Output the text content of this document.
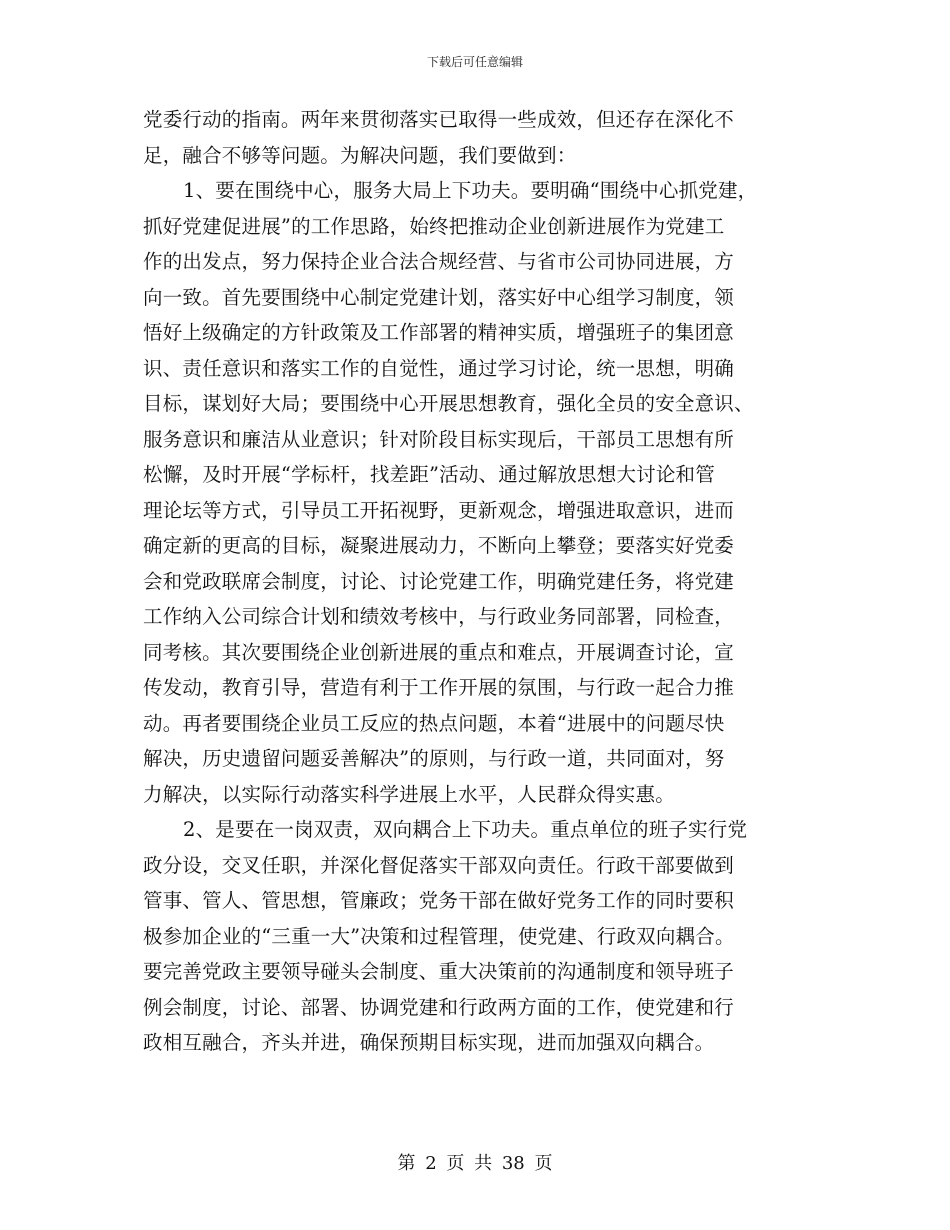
下载后可任意编辑
党委行动的指南。两年来贯彻落实已取得一些成效，但还存在深化不
足，融合不够等问题。为解决问题，我们要做到：
1、要在围绕中心，服务大局上下功夫。要明确“围绕中心抓党建，
抓好党建促进展”的工作思路，始终把推动企业创新进展作为党建工
作的出发点，努力保持企业合法合规经营、与省市公司协同进展，方
向一致。首先要围绕中心制定党建计划，落实好中心组学习制度，领
悟好上级确定的方针政策及工作部署的精神实质，增强班子的集团意
识、责任意识和落实工作的自觉性，通过学习讨论，统一思想，明确
目标，谋划好大局；要围绕中心开展思想教育，强化全员的安全意识、
服务意识和廉洁从业意识；针对阶段目标实现后，干部员工思想有所
松懈，及时开展“学标杆，找差距”活动、通过解放思想大讨论和管
理论坛等方式，引导员工开拓视野，更新观念，增强进取意识，进而
确定新的更高的目标，凝聚进展动力，不断向上攀登；要落实好党委
会和党政联席会制度，讨论、讨论党建工作，明确党建任务，将党建
工作纳入公司综合计划和绩效考核中，与行政业务同部署，同检查，
同考核。其次要围绕企业创新进展的重点和难点，开展调查讨论，宣
传发动，教育引导，营造有利于工作开展的氛围，与行政一起合力推
动。再者要围绕企业员工反应的热点问题，本着“进展中的问题尽快
解决，历史遗留问题妥善解决”的原则，与行政一道，共同面对，努
力解决，以实际行动落实科学进展上水平，人民群众得实惠。
2、是要在一岗双责，双向耦合上下功夫。重点单位的班子实行党
政分设，交叉任职，并深化督促落实干部双向责任。行政干部要做到
管事、管人、管思想，管廉政；党务干部在做好党务工作的同时要积
极参加企业的“三重一大”决策和过程管理，使党建、行政双向耦合。
要完善党政主要领导碰头会制度、重大决策前的沟通制度和领导班子
例会制度，讨论、部署、协调党建和行政两方面的工作，使党建和行
政相互融合，齐头并进，确保预期目标实现，进而加强双向耦合。
第 2 页 共 38 页
